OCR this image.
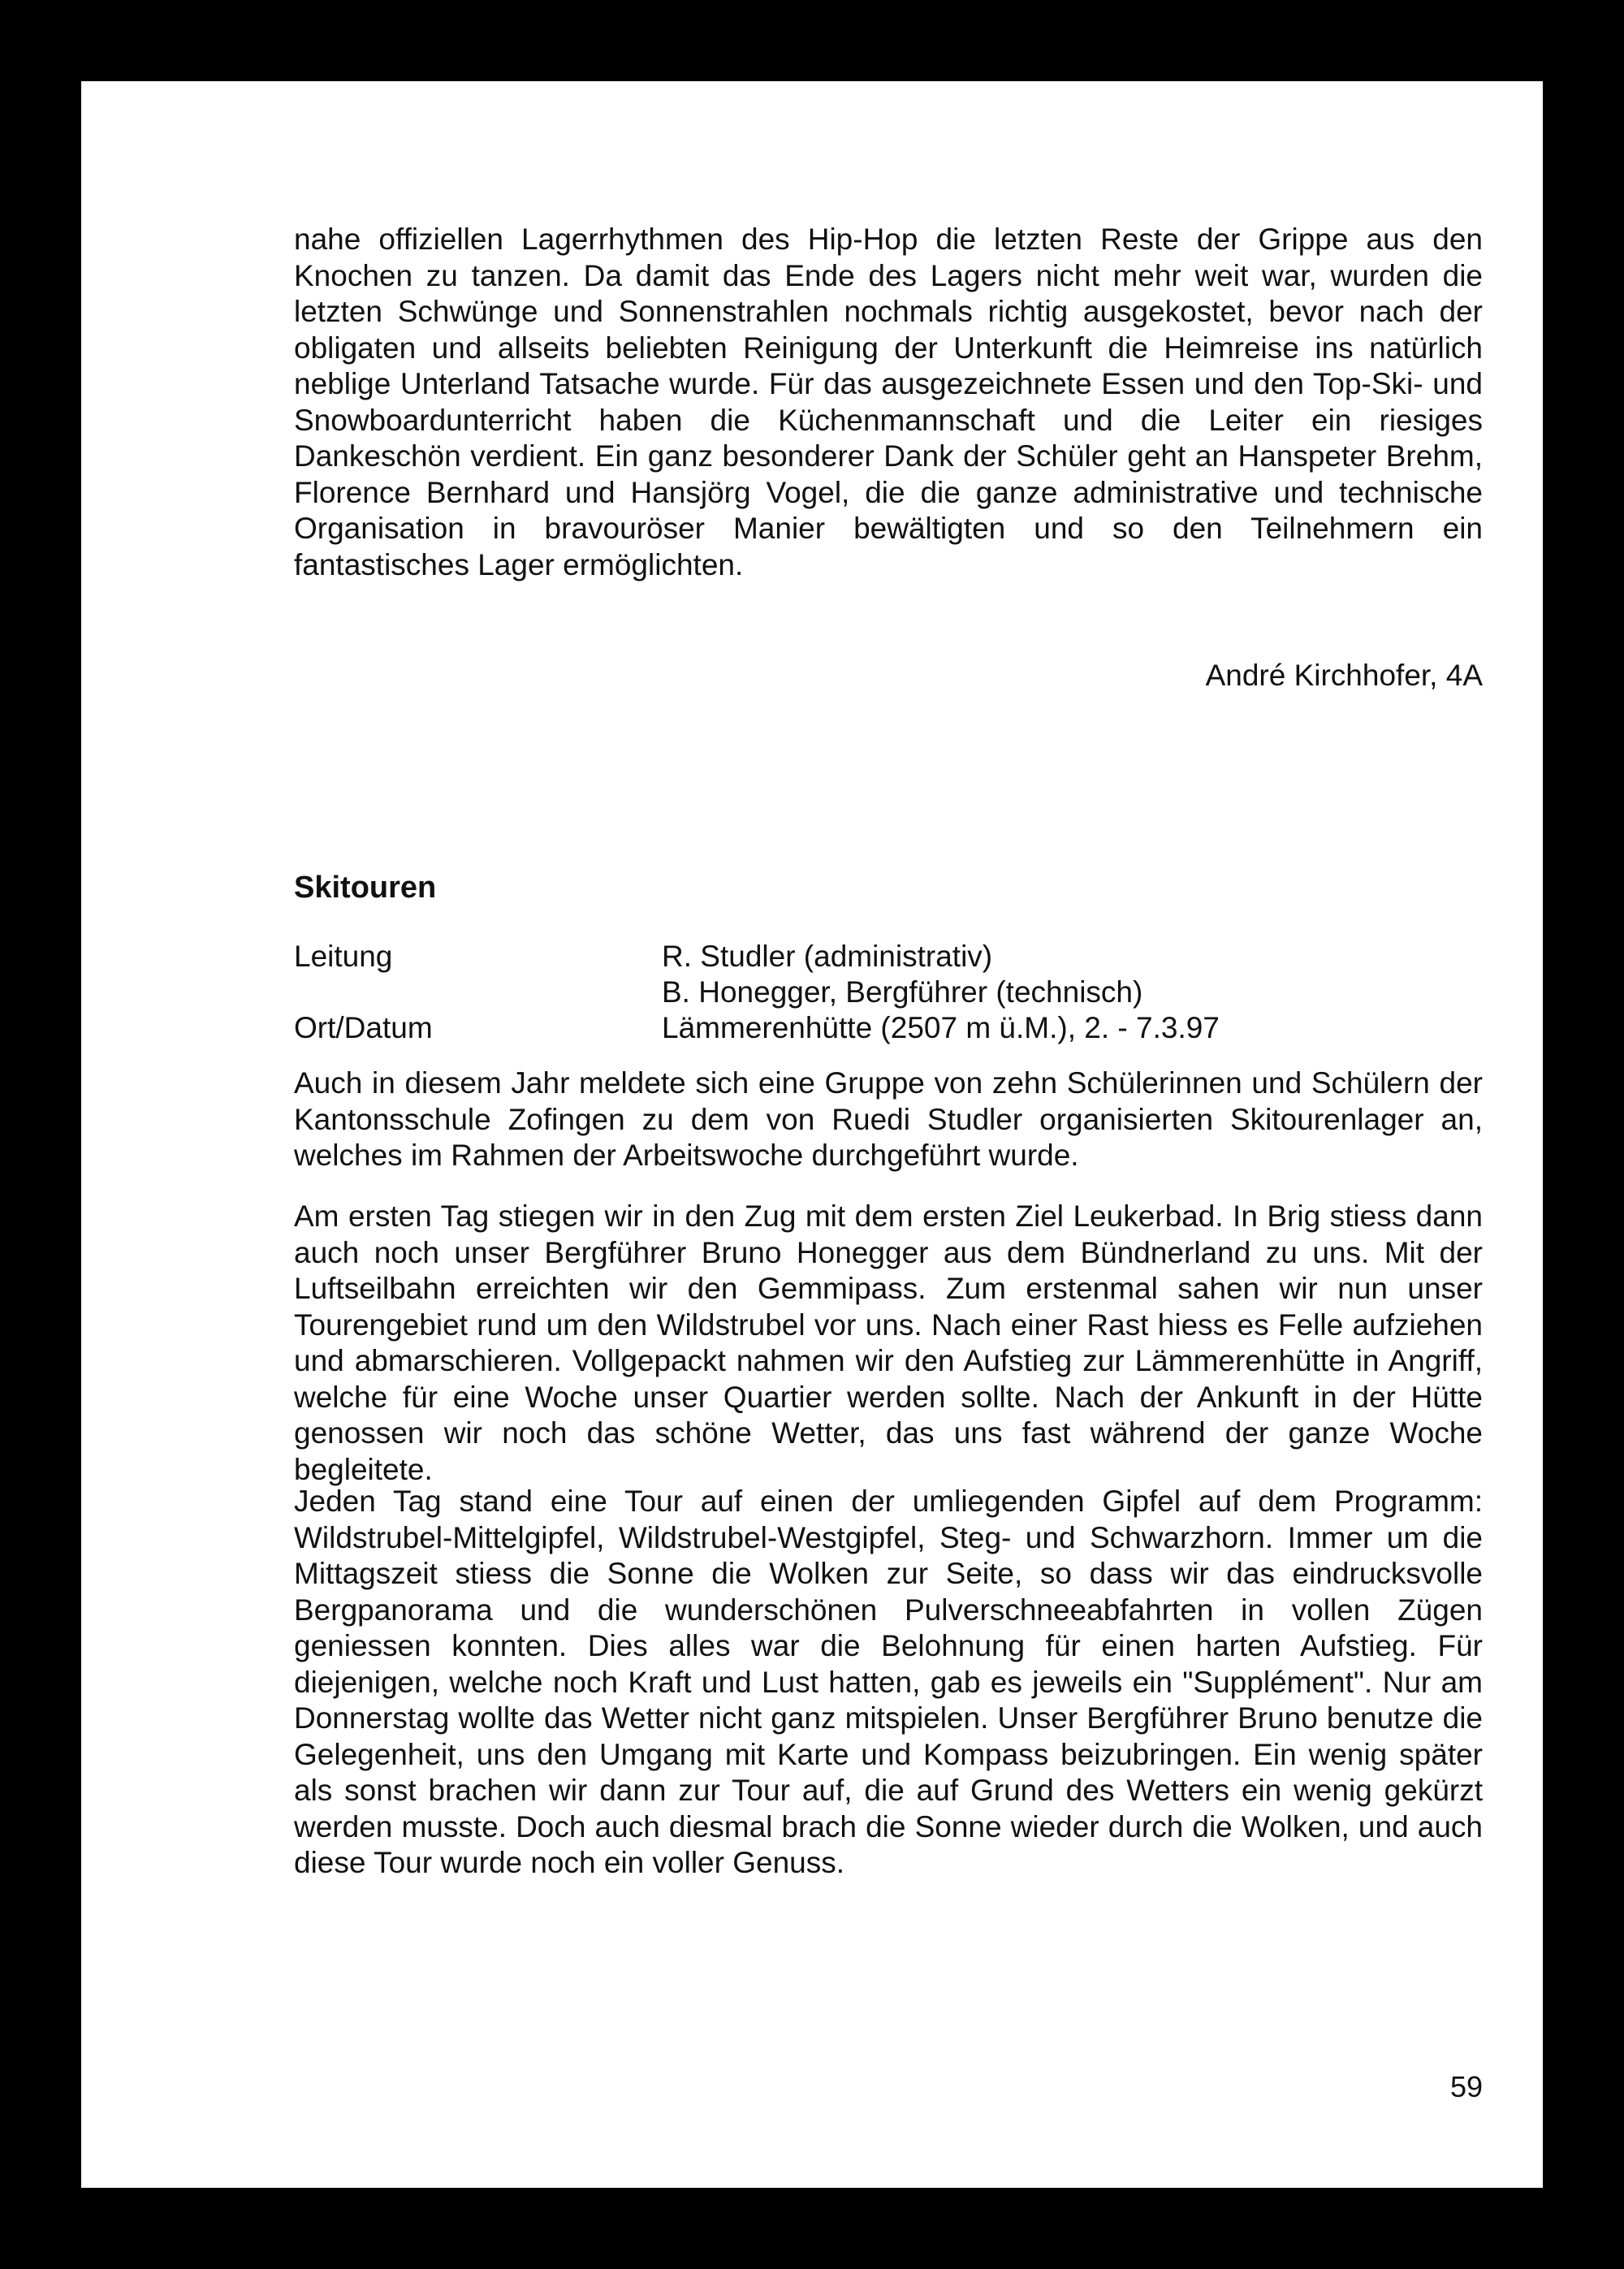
nahe offiziellen Lagerrhythmen des Hip-Hop die letzten Reste der Grippe aus den Knochen zu tanzen. Da damit das Ende des Lagers nicht mehr weit war, wurden die letzten Schwünge und Sonnenstrahlen nochmals richtig ausgekostet, bevor nach der obligaten und allseits beliebten Reinigung der Unterkunft die Heimreise ins natürlich neblige Unterland Tatsache wurde. Für das ausgezeichnete Essen und den Top-Ski- und Snowboardunterricht haben die Küchenmannschaft und die Leiter ein riesiges Dankeschön verdient. Ein ganz besonderer Dank der Schüler geht an Hanspeter Brehm, Florence Bernhard und Hansjörg Vogel, die die ganze administrative und technische Organisation in bravouröser Manier bewältigten und so den Teilnehmern ein fantastisches Lager ermöglichten.

André Kirchhofer, 4A
Skitouren
Leitung	R. Studler (administrativ)
B. Honegger, Bergführer (technisch)
Ort/Datum	Lämmerenhütte (2507 m ü.M.), 2. - 7.3.97

Auch in diesem Jahr meldete sich eine Gruppe von zehn Schülerinnen und Schülern der Kantonsschule Zofingen zu dem von Ruedi Studler organisierten Skitourenlager an, welches im Rahmen der Arbeitswoche durchgeführt wurde.

Am ersten Tag stiegen wir in den Zug mit dem ersten Ziel Leukerbad. In Brig stiess dann auch noch unser Bergführer Bruno Honegger aus dem Bündnerland zu uns. Mit der Luftseilbahn erreichten wir den Gemmipass. Zum erstenmal sahen wir nun unser Tourengebiet rund um den Wildstrubel vor uns. Nach einer Rast hiess es Felle aufziehen und abmarschieren. Vollgepackt nahmen wir den Aufstieg zur Lämmerenhütte in Angriff, welche für eine Woche unser Quartier werden sollte. Nach der Ankunft in der Hütte genossen wir noch das schöne Wetter, das uns fast während der ganze Woche begleitete.

Jeden Tag stand eine Tour auf einen der umliegenden Gipfel auf dem Programm: Wildstrubel-Mittelgipfel, Wildstrubel-Westgipfel, Steg- und Schwarzhorn. Immer um die Mittagszeit stiess die Sonne die Wolken zur Seite, so dass wir das eindrucksvolle Bergpanorama und die wunderschönen Pulverschneeabfahrten in vollen Zügen geniessen konnten. Dies alles war die Belohnung für einen harten Aufstieg. Für diejenigen, welche noch Kraft und Lust hatten, gab es jeweils ein "Supplément". Nur am Donnerstag wollte das Wetter nicht ganz mitspielen. Unser Bergführer Bruno benutze die Gelegenheit, uns den Umgang mit Karte und Kompass beizubringen. Ein wenig später als sonst brachen wir dann zur Tour auf, die auf Grund des Wetters ein wenig gekürzt werden musste. Doch auch diesmal brach die Sonne wieder durch die Wolken, und auch diese Tour wurde noch ein voller Genuss.

59
